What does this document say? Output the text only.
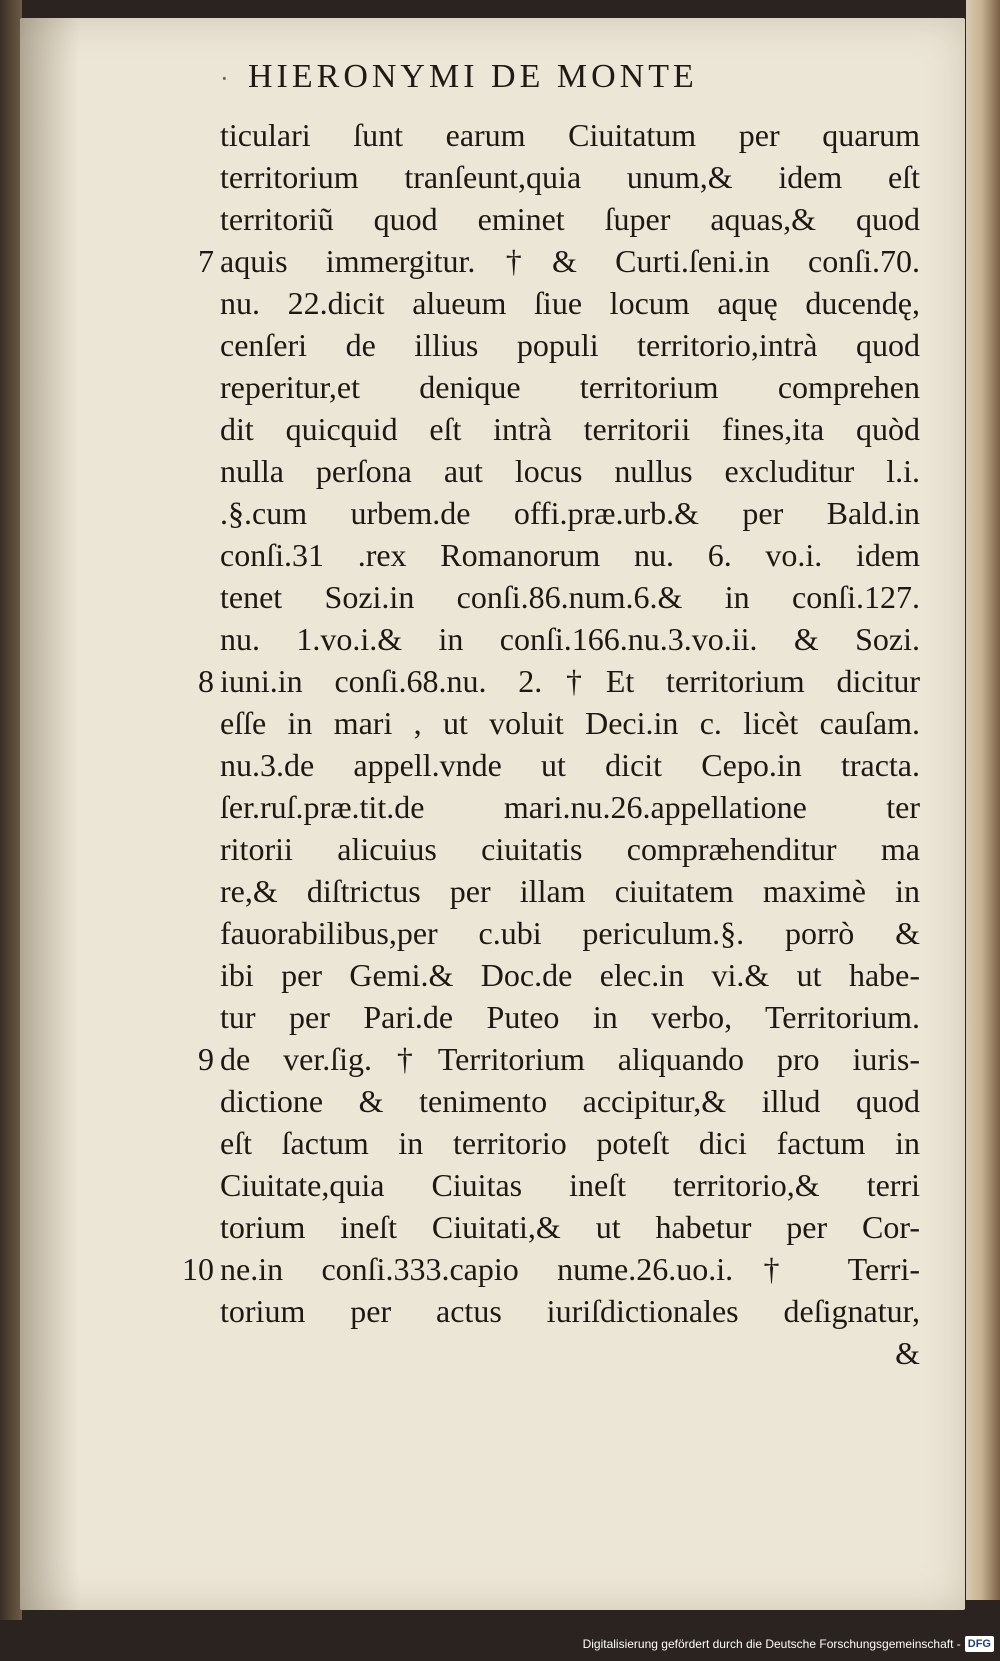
· HIERONYMI DE MONTE
ticulari ſunt earum Ciuitatum per quarum
territorium tranſeunt,quia unum,& idem eſt
territoriũ quod eminet ſuper aquas,& quod
aquis immergitur.†& Curti.ſeni.in conſi.70.
7
nu. 22.dicit alueum ſiue locum aquę ducendę,
cenſeri de illius populi territorio,intrà quod
reperitur,et denique territorium comprehen
dit quicquid eſt intrà territorii fines,ita quòd
nulla perſona aut locus nullus excluditur l.i.
.§.cum urbem.de offi.præ.urb.& per Bald.in
conſi.31 .rex Romanorum nu. 6. vo.i. idem
tenet Sozi.in conſi.86.num.6.& in conſi.127.
nu. 1.vo.i.& in conſi.166.nu.3.vo.ii. & Sozi.
iuni.in conſi.68.nu. 2.†Et territorium dicitur
8
eſſe in mari , ut voluit Deci.in c. licèt cauſam.
nu.3.de appell.vnde ut dicit Cepo.in tracta.
ſer.ruſ.præ.tit.de mari.nu.26.appellatione ter
ritorii alicuius ciuitatis compræhenditur ma
re,& diſtrictus per illam ciuitatem maximè in
fauorabilibus,per c.ubi periculum.§. porrò &
ibi per Gemi.& Doc.de elec.in vi.& ut habe-
tur per Pari.de Puteo in verbo, Territorium.
de ver.ſig.†Territorium aliquando pro iuris-
9
dictione & tenimento accipitur,& illud quod
eſt ſactum in territorio poteſt dici factum in
Ciuitate,quia Ciuitas ineſt territorio,& terri
torium ineſt Ciuitati,& ut habetur per Cor-
ne.in conſi.333.capio nume.26.uo.i.† Terri-
10
torium per actus iuriſdictionales deſignatur,
&
Digitalisierung gefördert durch die Deutsche Forschungsgemeinschaft - DFG
